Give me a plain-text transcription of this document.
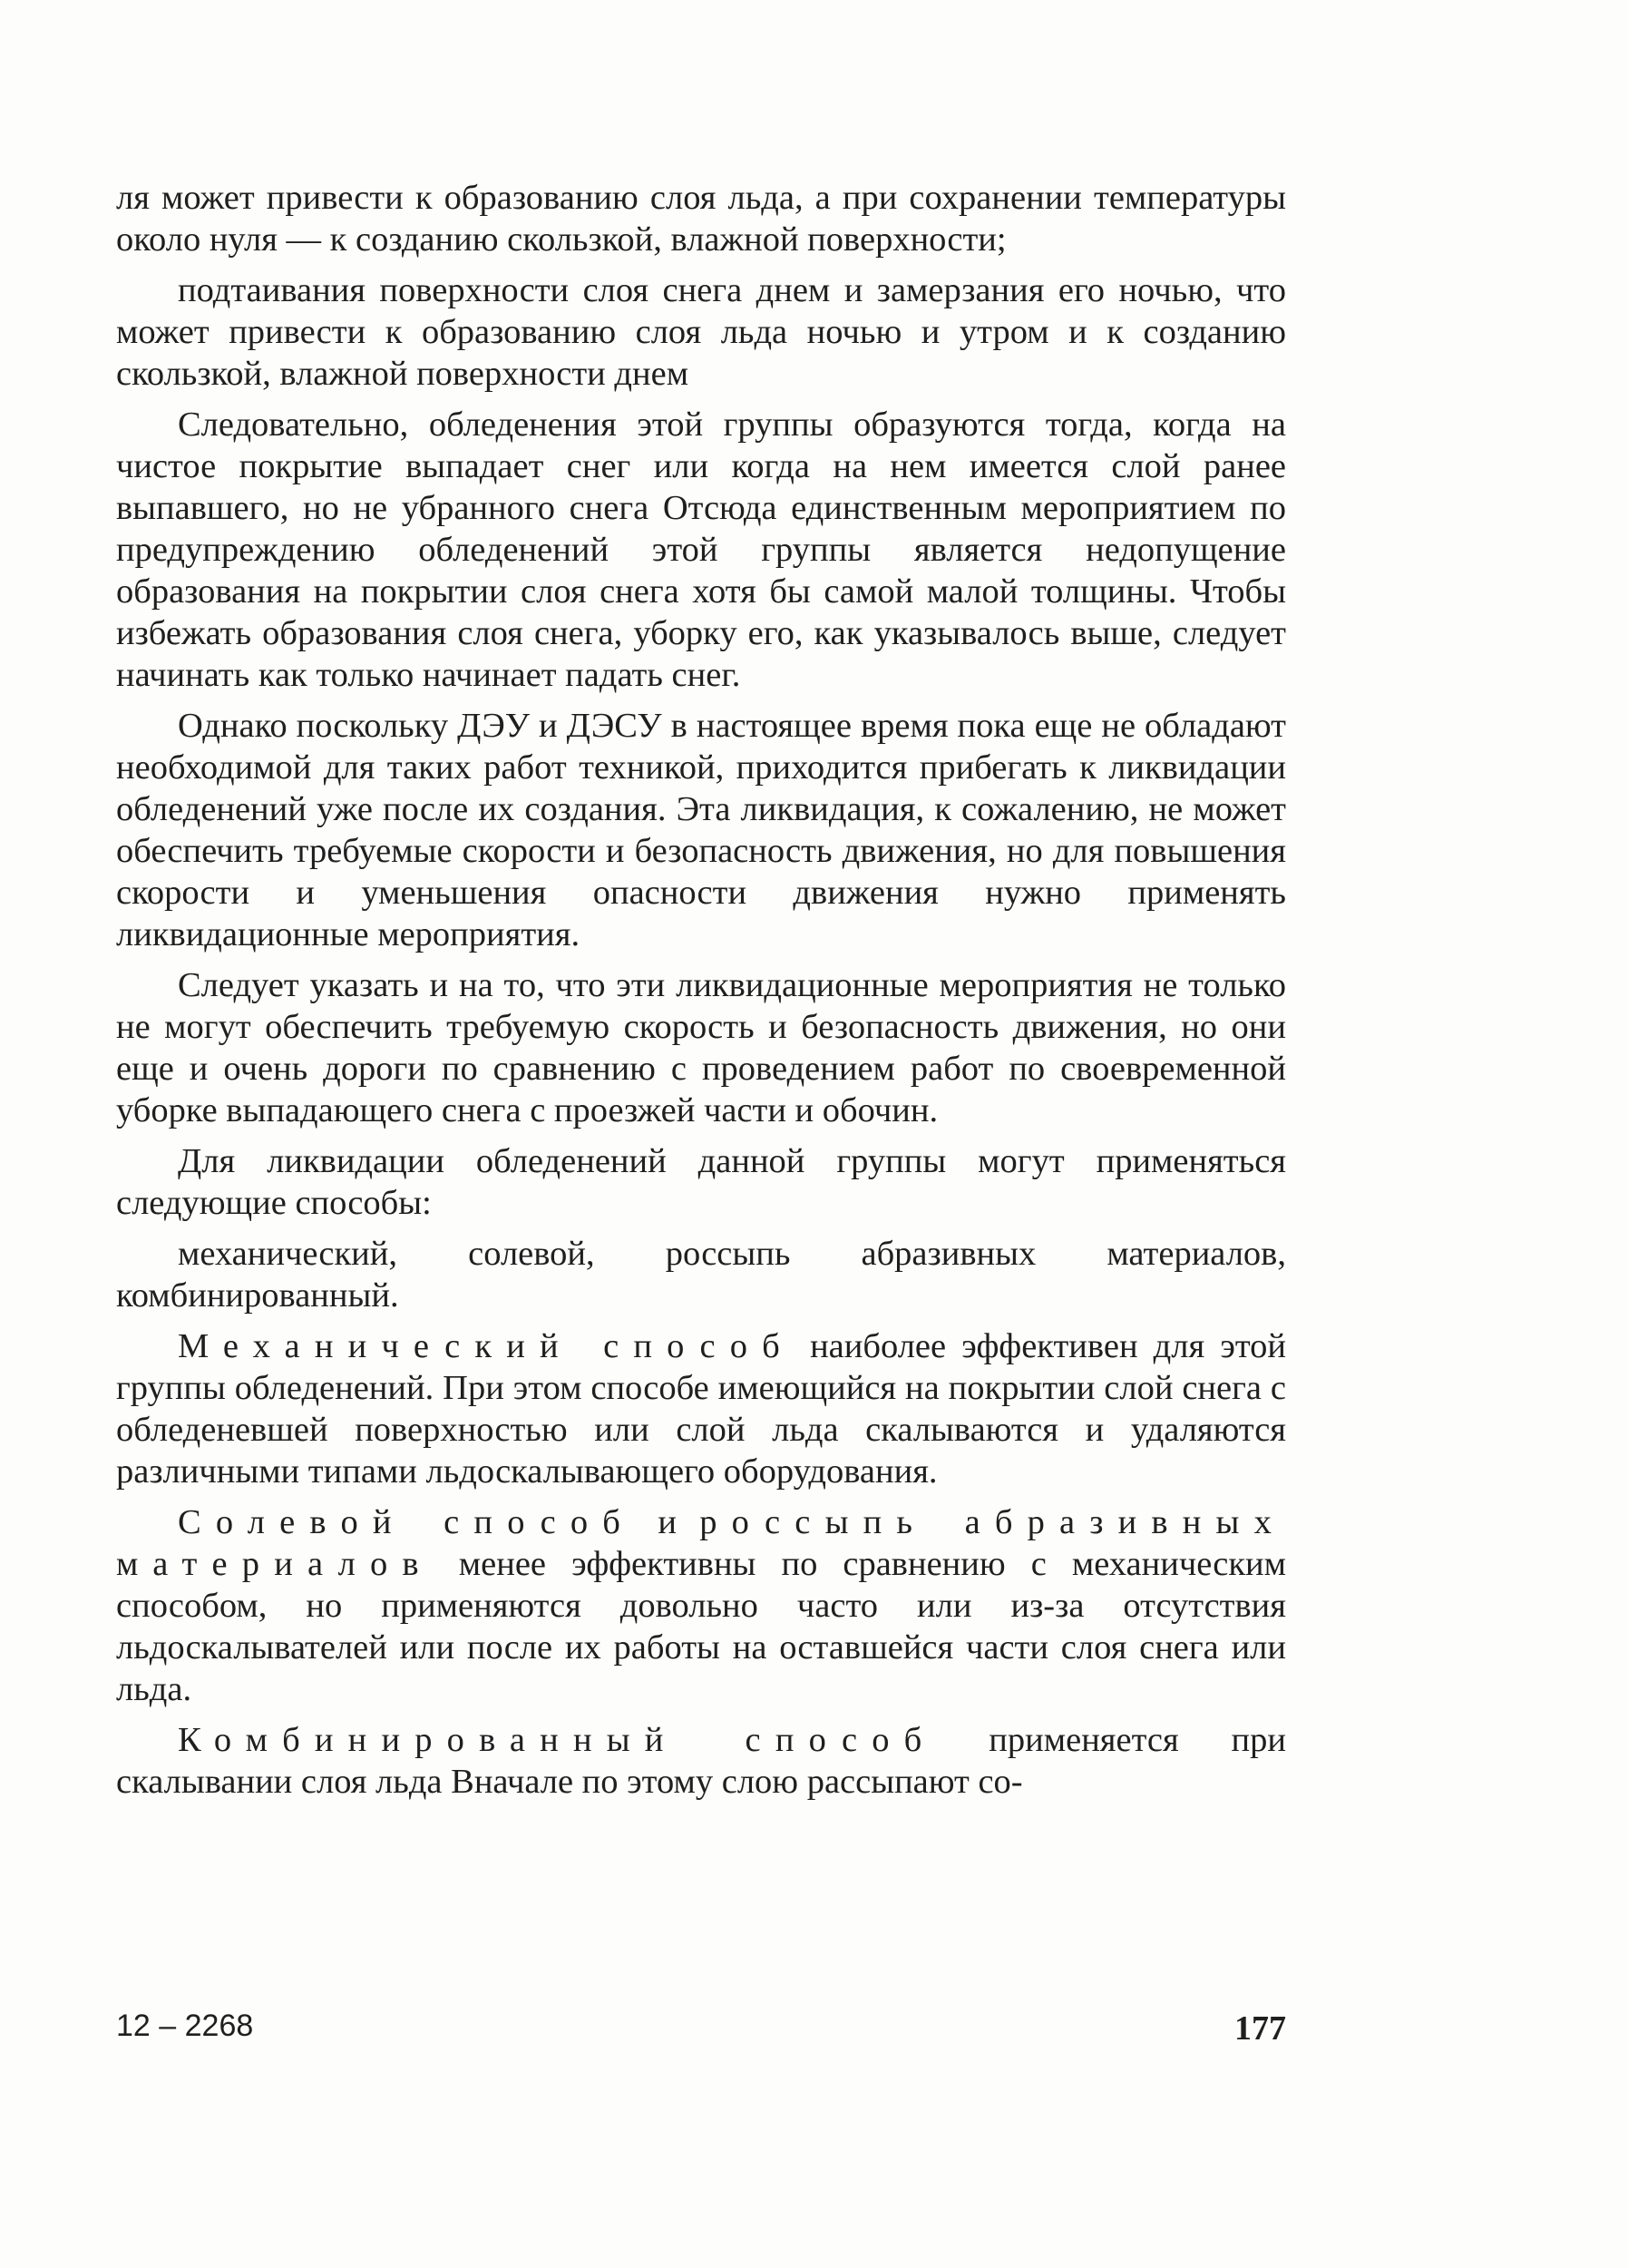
ля может привести к образованию слоя льда, а при сохранении температуры около нуля — к созданию скользкой, влажной поверхности;

подтаивания поверхности слоя снега днем и замерзания его ночью, что может привести к образованию слоя льда ночью и утром и к созданию скользкой, влажной поверхности днем

Следовательно, обледенения этой группы образуются тогда, когда на чистое покрытие выпадает снег или когда на нем имеется слой ранее выпавшего, но не убранного снега Отсюда единственным мероприятием по предупреждению обледенений этой группы является недопущение образования на покрытии слоя снега хотя бы самой малой толщины. Чтобы избежать образования слоя снега, уборку его, как указывалось выше, следует начинать как только начинает падать снег.

Однако поскольку ДЭУ и ДЭСУ в настоящее время пока еще не обладают необходимой для таких работ техникой, приходится прибегать к ликвидации обледенений уже после их создания. Эта ликвидация, к сожалению, не может обеспечить требуемые скорости и безопасность движения, но для повышения скорости и уменьшения опасности движения нужно применять ликвидационные мероприятия.

Следует указать и на то, что эти ликвидационные мероприятия не только не могут обеспечить требуемую скорость и безопасность движения, но они еще и очень дороги по сравнению с проведением работ по своевременной уборке выпадающего снега с проезжей части и обочин.

Для ликвидации обледенений данной группы могут применяться следующие способы:

механический, солевой, россыпь абразивных материалов, комбинированный.

Механический способ наиболее эффективен для этой группы обледенений. При этом способе имеющийся на покрытии слой снега с обледеневшей поверхностью или слой льда скалываются и удаляются различными типами льдоскалывающего оборудования.

Солевой способ и россыпь абразивных материалов менее эффективны по сравнению с механическим способом, но применяются довольно часто или из-за отсутствия льдоскалывателей или после их работы на оставшейся части слоя снега или льда.

Комбинированный способ применяется при скалывании слоя льда Вначале по этому слою рассыпают со-

12 – 2268	177
